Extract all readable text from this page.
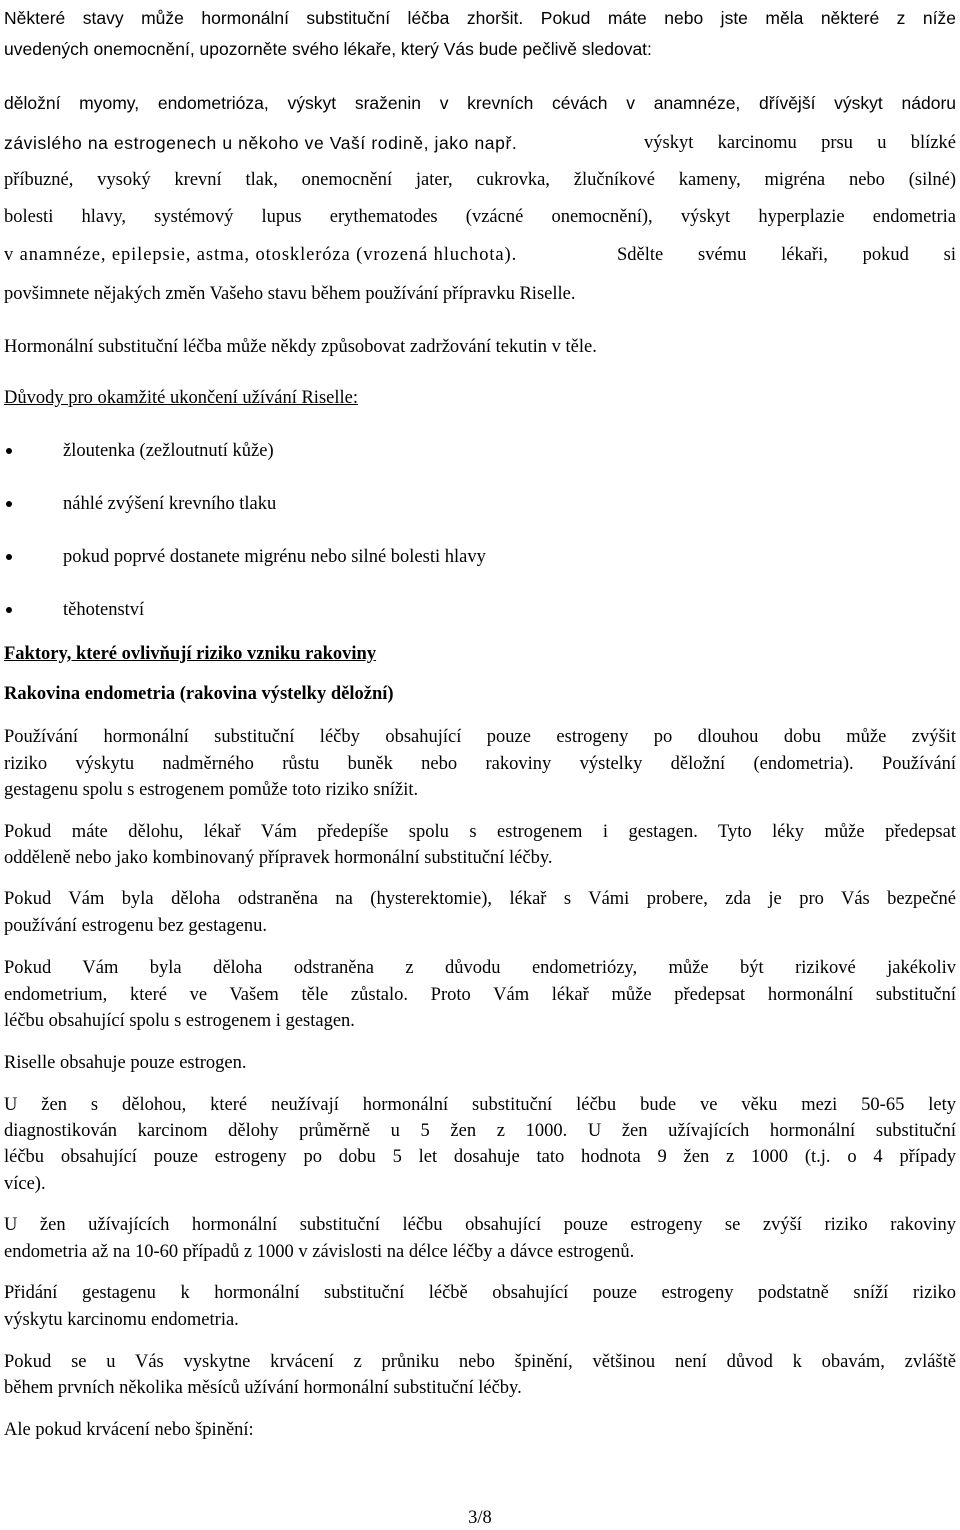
Některé stavy může hormonální substituční léčba zhoršit. Pokud máte nebo jste měla některé z níže
uvedených onemocnění, upozorněte svého lékaře, který Vás bude pečlivě sledovat:
děložní myomy, endometrióza, výskyt sraženin v krevních cévách v anamnéze, dřívější výskyt nádoru
závislého na estrogenech u někoho ve Vaší rodině, jako např.	výskyt karcinomu prsu u blízké
příbuzné, vysoký krevní tlak, onemocnění jater, cukrovka, žlučníkové kameny, migréna nebo (silné)
bolesti hlavy, systémový lupus erythematodes (vzácné onemocnění), výskyt hyperplazie endometria
v anamnéze, epilepsie, astma, otoskleróza (vrozená hluchota).	Sdělte svému lékaři, pokud si
povšimnete nějakých změn Vašeho stavu během používání přípravku Riselle.
Hormonální substituční léčba může někdy způsobovat zadržování tekutin v těle.
Důvody pro okamžité ukončení užívání Riselle:
žloutenka (zežloutnutí kůže)
náhlé zvýšení krevního tlaku
pokud poprvé dostanete migrénu nebo silné bolesti hlavy
těhotenství
Faktory, které ovlivňují riziko vzniku rakoviny
Rakovina endometria (rakovina výstelky děložní)
Používání hormonální substituční léčby obsahující pouze estrogeny po dlouhou dobu může zvýšit
riziko výskytu nadměrného růstu buněk nebo rakoviny výstelky děložní (endometria). Používání
gestagenu spolu s estrogenem pomůže toto riziko snížit.
Pokud máte dělohu, lékař Vám předepíše spolu s estrogenem i gestagen. Tyto léky může předepsat
odděleně nebo jako kombinovaný přípravek hormonální substituční léčby.
Pokud Vám byla děloha odstraněna na (hysterektomie), lékař s Vámi probere, zda je pro Vás bezpečné
používání estrogenu bez gestagenu.
Pokud Vám byla děloha odstraněna z důvodu endometriózy, může být rizikové jakékoliv
endometrium, které ve Vašem těle zůstalo. Proto Vám lékař může předepsat hormonální substituční
léčbu obsahující spolu s estrogenem i gestagen.
Riselle obsahuje pouze estrogen.
U žen s dělohou, které neužívají hormonální substituční léčbu bude ve věku mezi 50-65 lety
diagnostikován karcinom dělohy průměrně u 5 žen z 1000. U žen užívajících hormonální substituční
léčbu obsahující pouze estrogeny po dobu 5 let dosahuje tato hodnota 9 žen z 1000 (t.j. o 4 případy
více).
U žen užívajících hormonální substituční léčbu obsahující pouze estrogeny se zvýší riziko rakoviny
endometria až na 10-60 případů z 1000 v závislosti na délce léčby a dávce estrogenů.
Přidání gestagenu k hormonální substituční léčbě obsahující pouze estrogeny podstatně sníží riziko
výskytu karcinomu endometria.
Pokud se u Vás vyskytne krvácení z průniku nebo špinění, většinou není důvod k obavám, zvláště
během prvních několika měsíců užívání hormonální substituční léčby.
Ale pokud krvácení nebo špinění:
3/8
